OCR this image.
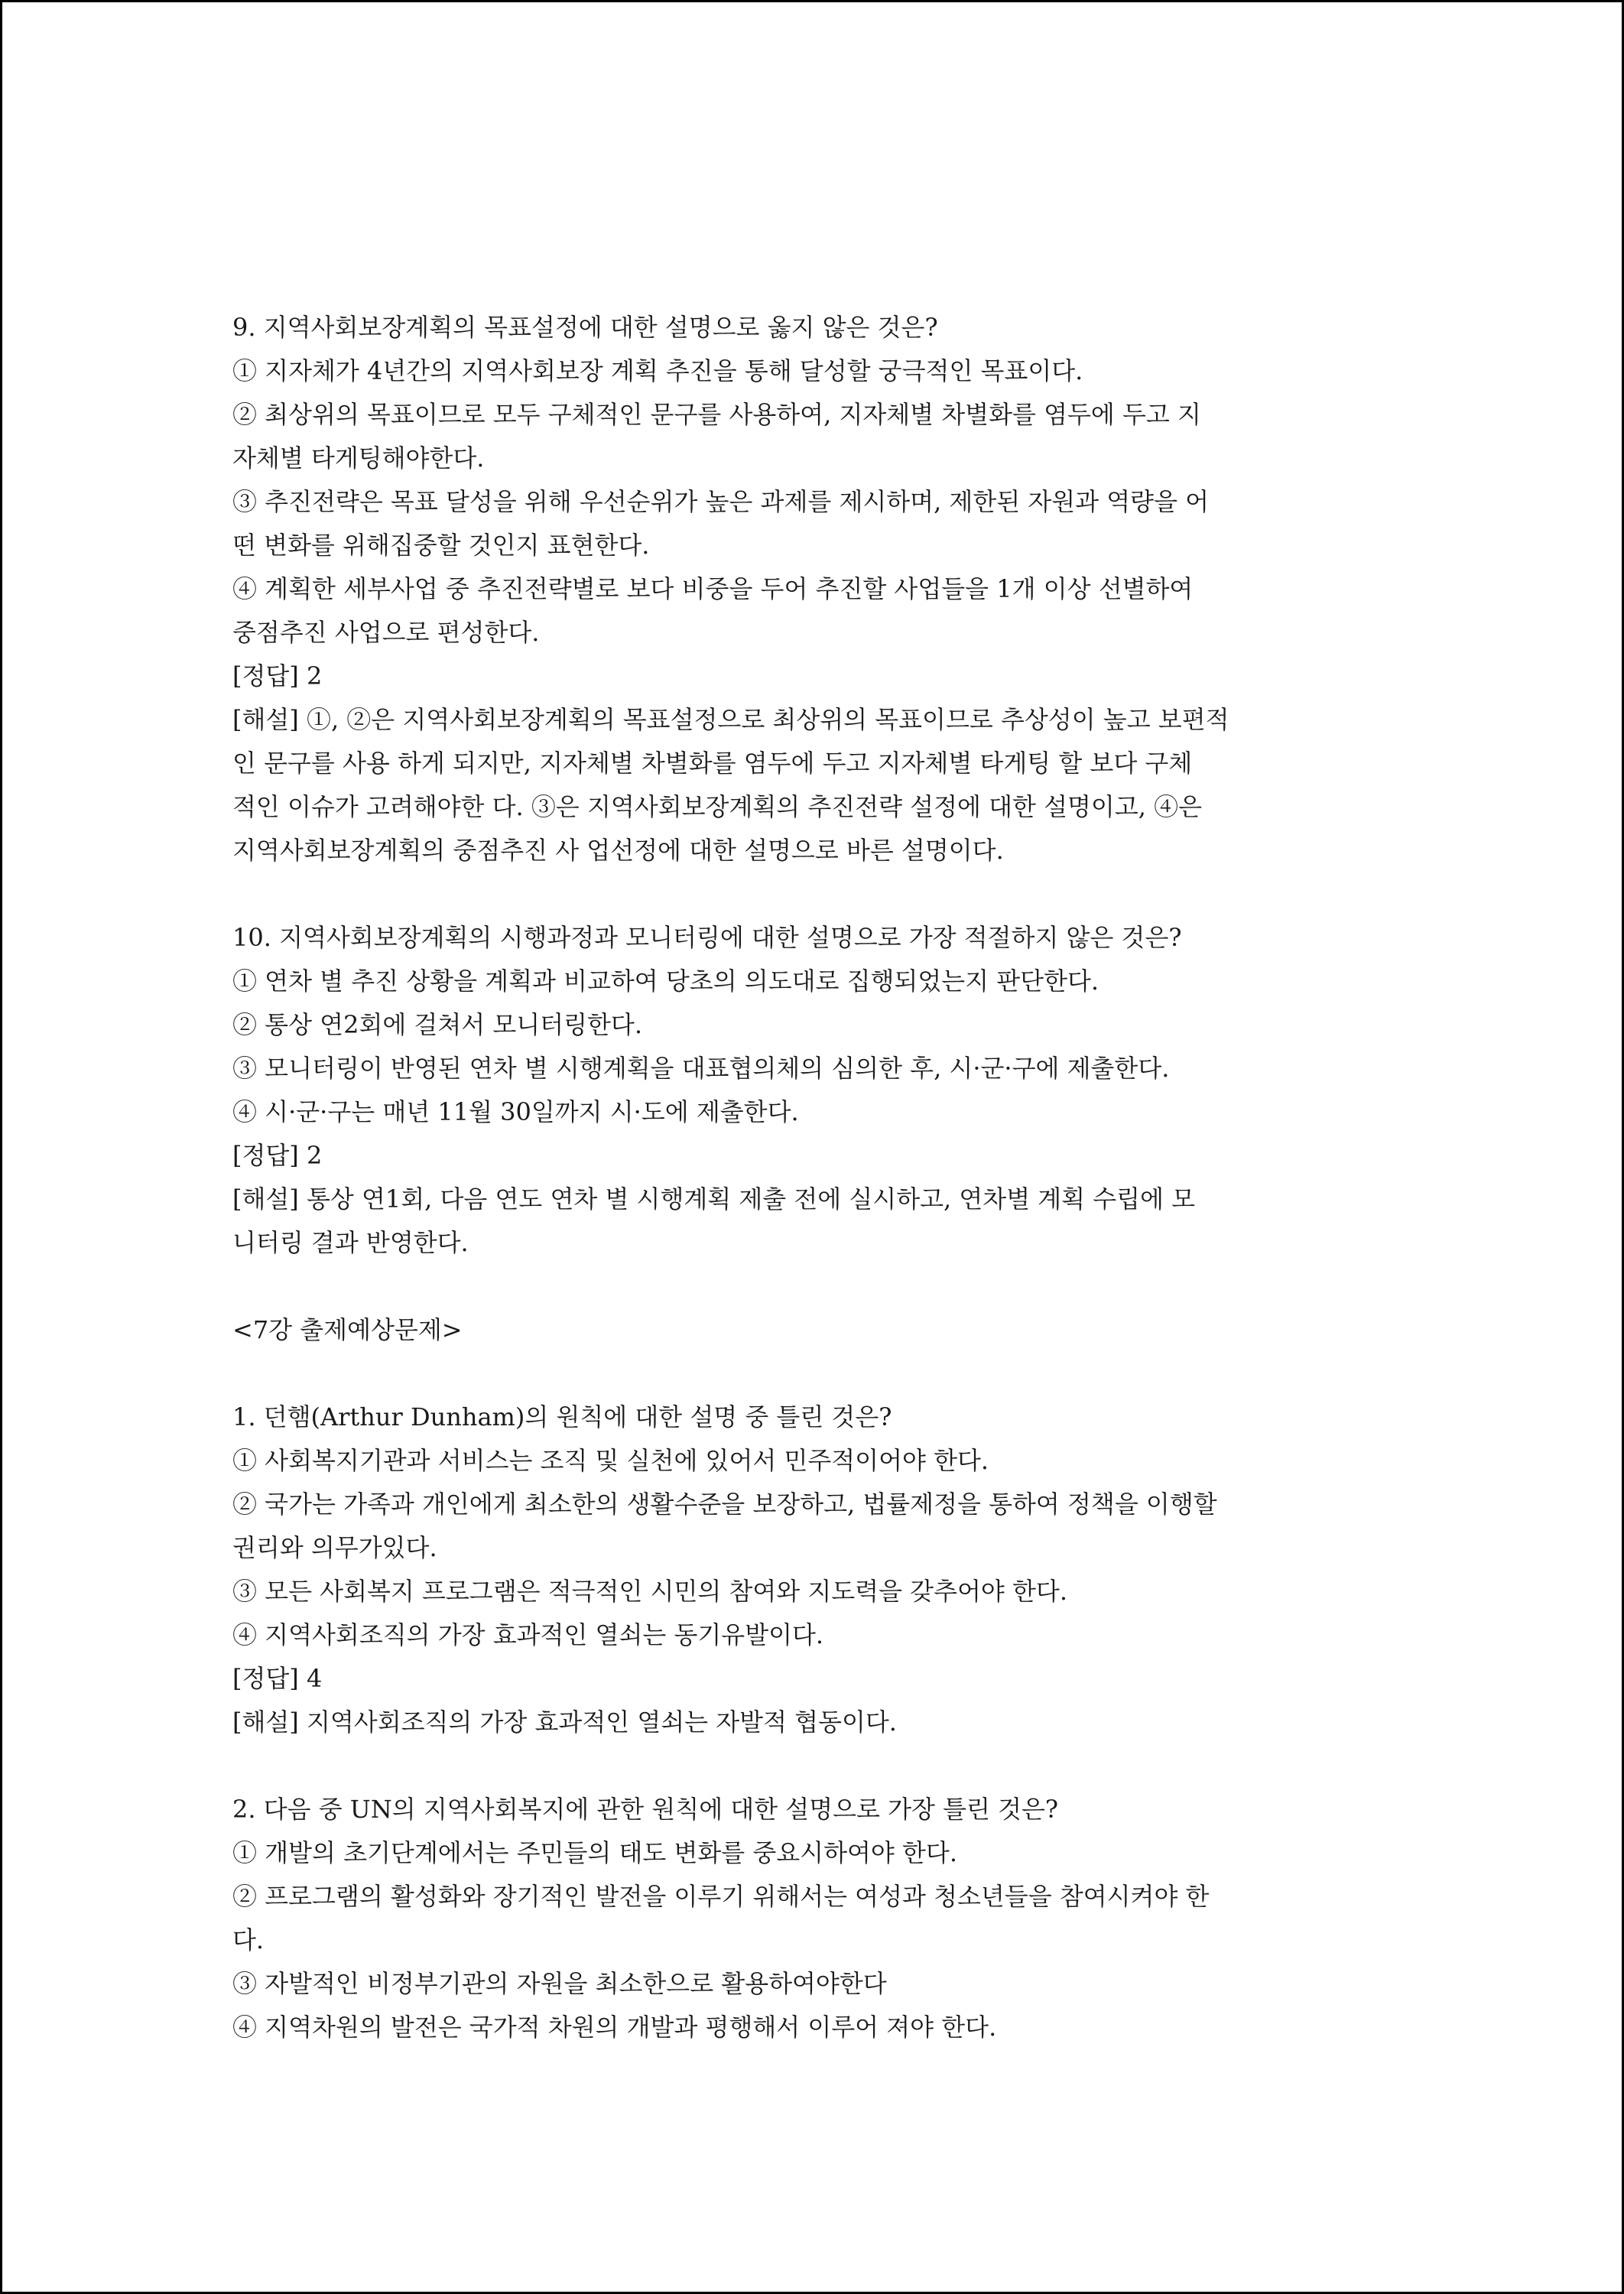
9. 지역사회보장계획의 목표설정에 대한 설명으로 옳지 않은 것은?

① 지자체가 4년간의 지역사회보장 계획 추진을 통해 달성할 궁극적인 목표이다.

② 최상위의 목표이므로 모두 구체적인 문구를 사용하여, 지자체별 차별화를 염두에 두고 지

자체별 타게팅해야한다.

③ 추진전략은 목표 달성을 위해 우선순위가 높은 과제를 제시하며, 제한된 자원과 역량을 어

떤 변화를 위해집중할 것인지 표현한다.

④ 계획한 세부사업 중 추진전략별로 보다 비중을 두어 추진할 사업들을 1개 이상 선별하여

중점추진 사업으로 편성한다.

[정답] 2

[해설] ①, ②은 지역사회보장계획의 목표설정으로 최상위의 목표이므로 추상성이 높고 보편적

인 문구를 사용 하게 되지만, 지자체별 차별화를 염두에 두고 지자체별 타게팅 할 보다 구체

적인 이슈가 고려해야한 다. ③은 지역사회보장계획의 추진전략 설정에 대한 설명이고, ④은

지역사회보장계획의 중점추진 사 업선정에 대한 설명으로 바른 설명이다.

10. 지역사회보장계획의 시행과정과 모니터링에 대한 설명으로 가장 적절하지 않은 것은?

① 연차 별 추진 상황을 계획과 비교하여 당초의 의도대로 집행되었는지 판단한다.

② 통상 연2회에 걸쳐서 모니터링한다.

③ 모니터링이 반영된 연차 별 시행계획을 대표협의체의 심의한 후, 시·군·구에 제출한다.

④ 시·군·구는 매년 11월 30일까지 시·도에 제출한다.

[정답] 2

[해설] 통상 연1회, 다음 연도 연차 별 시행계획 제출 전에 실시하고, 연차별 계획 수립에 모

니터링 결과 반영한다.

<7강 출제예상문제>

1. 던햄(Arthur Dunham)의 원칙에 대한 설명 중 틀린 것은?

① 사회복지기관과 서비스는 조직 및 실천에 있어서 민주적이어야 한다.

② 국가는 가족과 개인에게 최소한의 생활수준을 보장하고, 법률제정을 통하여 정책을 이행할

권리와 의무가있다.

③ 모든 사회복지 프로그램은 적극적인 시민의 참여와 지도력을 갖추어야 한다.

④ 지역사회조직의 가장 효과적인 열쇠는 동기유발이다.

[정답] 4

[해설] 지역사회조직의 가장 효과적인 열쇠는 자발적 협동이다.

2. 다음 중 UN의 지역사회복지에 관한 원칙에 대한 설명으로 가장 틀린 것은?

① 개발의 초기단계에서는 주민들의 태도 변화를 중요시하여야 한다.

② 프로그램의 활성화와 장기적인 발전을 이루기 위해서는 여성과 청소년들을 참여시켜야 한

다.

③ 자발적인 비정부기관의 자원을 최소한으로 활용하여야한다

④ 지역차원의 발전은 국가적 차원의 개발과 평행해서 이루어 져야 한다.
